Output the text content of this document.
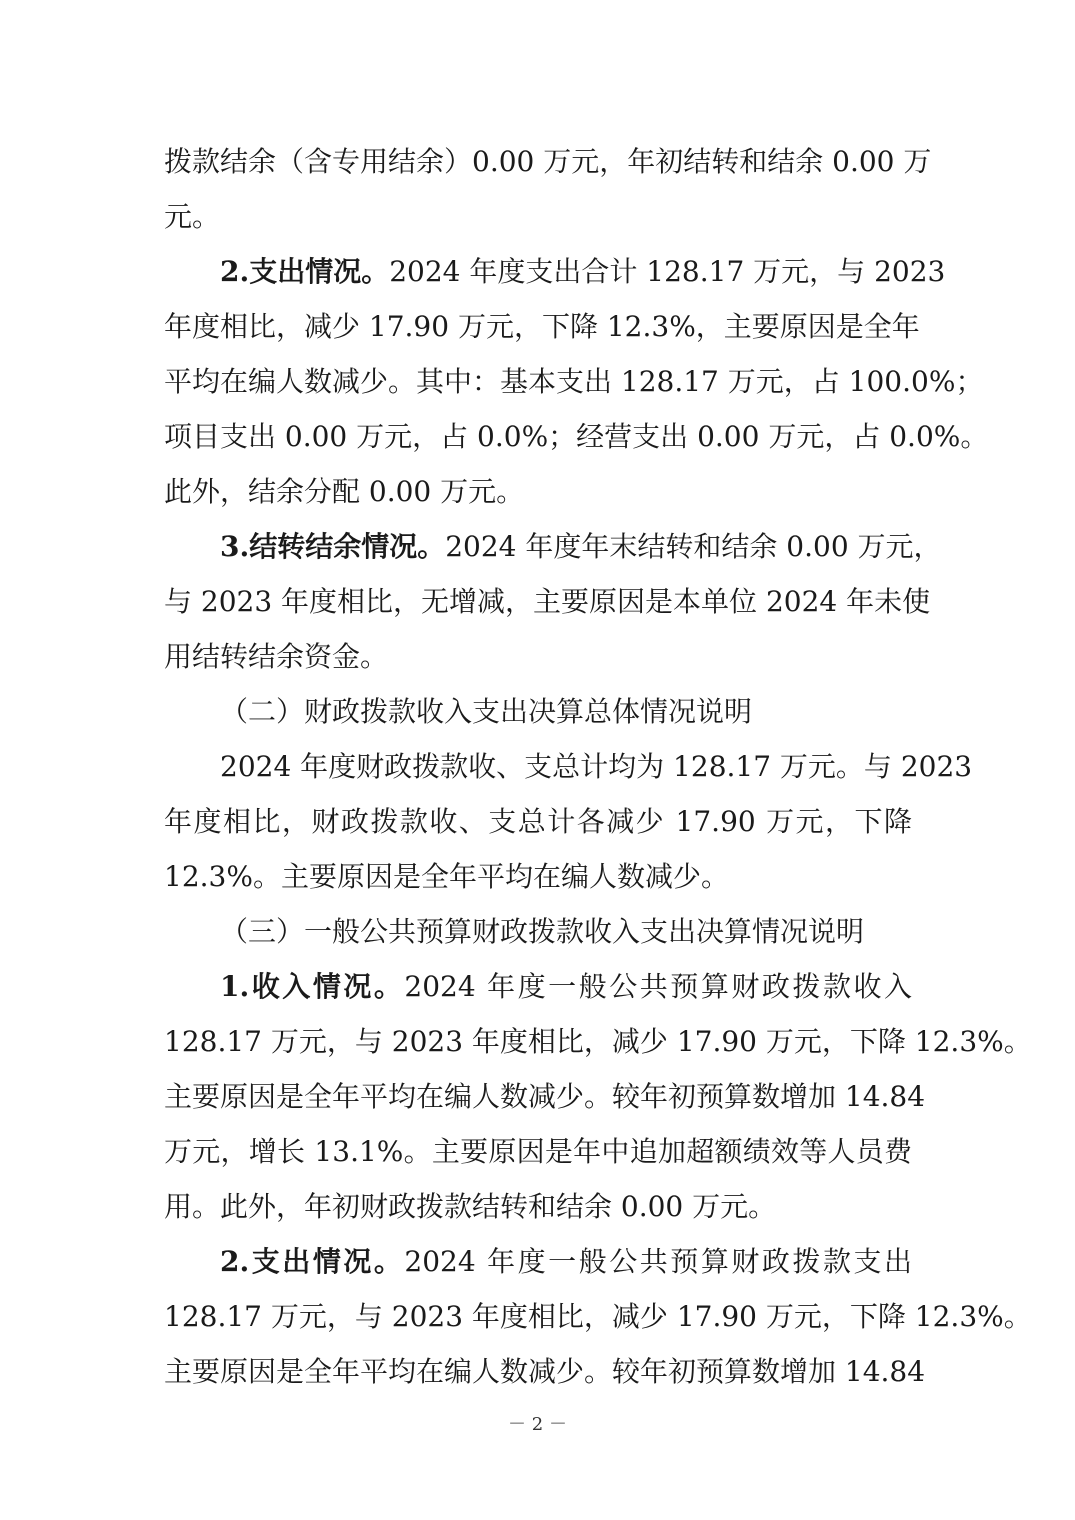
拨款结余（含专用结余）0.00 万元，年初结转和结余 0.00 万
元。
2.支出情况。2024 年度支出合计 128.17 万元，与 2023
年度相比，减少 17.90 万元，下降 12.3%，主要原因是全年
平均在编人数减少。其中：基本支出 128.17 万元，占 100.0%；
项目支出 0.00 万元，占 0.0%；经营支出 0.00 万元，占 0.0%。
此外，结余分配 0.00 万元。
3.结转结余情况。2024 年度年末结转和结余 0.00 万元，
与 2023 年度相比，无增减，主要原因是本单位 2024 年未使
用结转结余资金。
（二）财政拨款收入支出决算总体情况说明
2024 年度财政拨款收、支总计均为 128.17 万元。与 2023
年度相比，财政拨款收、支总计各减少 17.90 万元，下降
12.3%。主要原因是全年平均在编人数减少。
（三）一般公共预算财政拨款收入支出决算情况说明
1.收入情况。2024 年度一般公共预算财政拨款收入
128.17 万元，与 2023 年度相比，减少 17.90 万元，下降 12.3%。
主要原因是全年平均在编人数减少。较年初预算数增加 14.84
万元，增长 13.1%。主要原因是年中追加超额绩效等人员费
用。此外，年初财政拨款结转和结余 0.00 万元。
2.支出情况。2024 年度一般公共预算财政拨款支出
128.17 万元，与 2023 年度相比，减少 17.90 万元，下降 12.3%。
主要原因是全年平均在编人数减少。较年初预算数增加 14.84
－ 2 －
